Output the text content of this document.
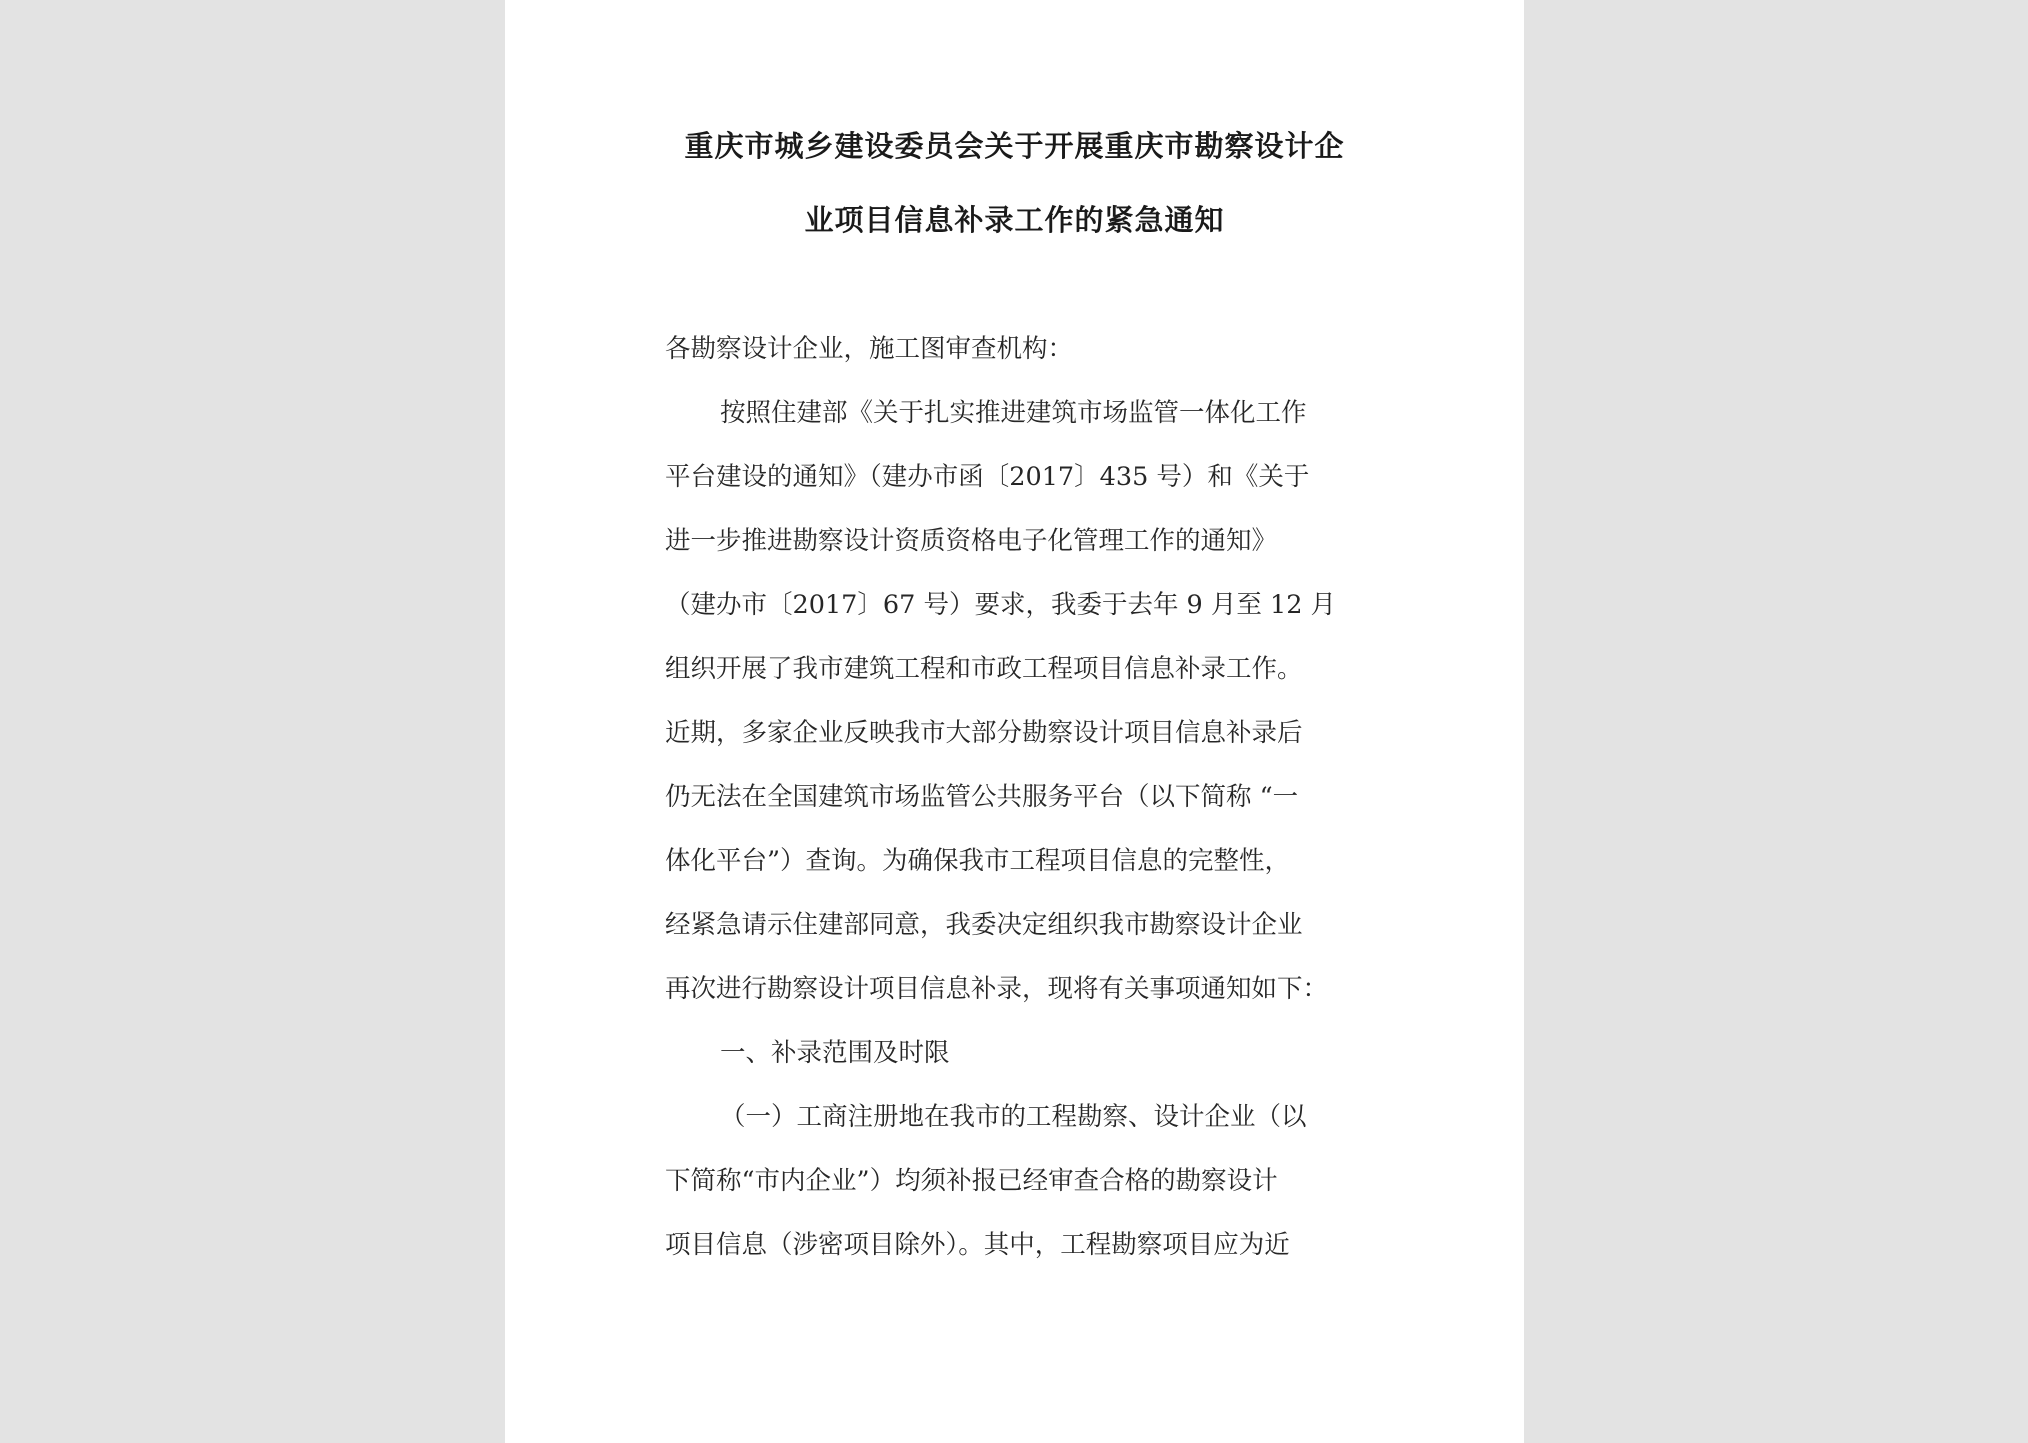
重庆市城乡建设委员会关于开展重庆市勘察设计企
业项目信息补录工作的紧急通知
各勘察设计企业，施工图审查机构：
按照住建部《关于扎实推进建筑市场监管一体化工作
平台建设的通知》（建办市函〔2017〕435 号）和《关于
进一步推进勘察设计资质资格电子化管理工作的通知》
（建办市〔2017〕67 号）要求，我委于去年 9 月至 12 月
组织开展了我市建筑工程和市政工程项目信息补录工作。
近期，多家企业反映我市大部分勘察设计项目信息补录后
仍无法在全国建筑市场监管公共服务平台（以下简称 “一
体化平台”）查询。为确保我市工程项目信息的完整性，
经紧急请示住建部同意，我委决定组织我市勘察设计企业
再次进行勘察设计项目信息补录，现将有关事项通知如下：
一、补录范围及时限
（一）工商注册地在我市的工程勘察、设计企业（以
下简称“市内企业”）均须补报已经审查合格的勘察设计
项目信息（涉密项目除外）。其中，工程勘察项目应为近
